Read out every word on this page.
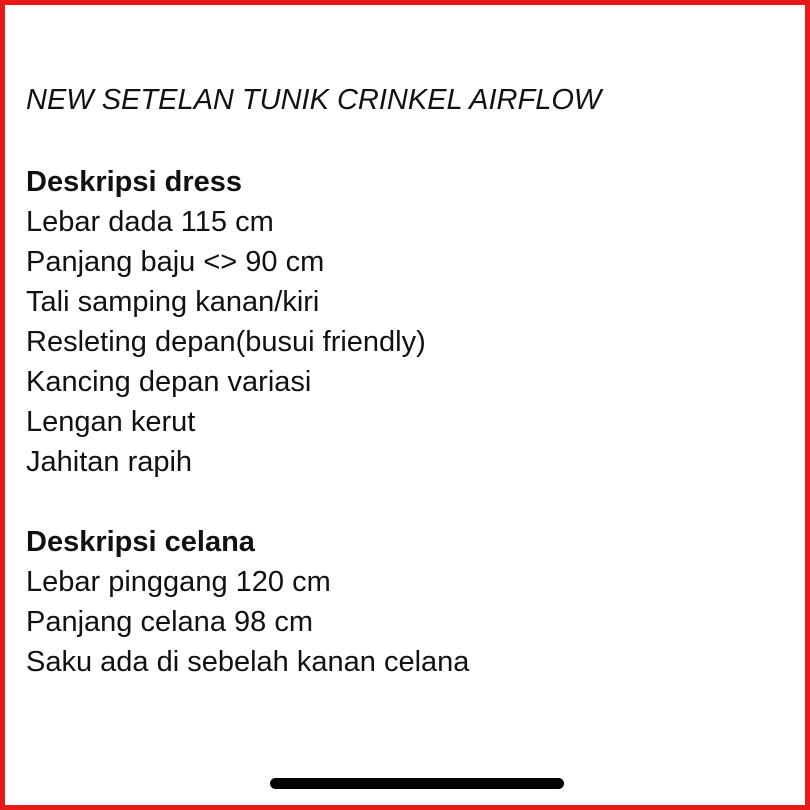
NEW SETELAN TUNIK CRINKEL AIRFLOW
Deskripsi dress
Lebar dada 115 cm
Panjang baju <> 90 cm
Tali samping kanan/kiri
Resleting depan(busui friendly)
Kancing depan variasi
Lengan kerut
Jahitan rapih
Deskripsi celana
Lebar pinggang 120 cm
Panjang celana 98 cm
Saku ada di sebelah kanan celana
